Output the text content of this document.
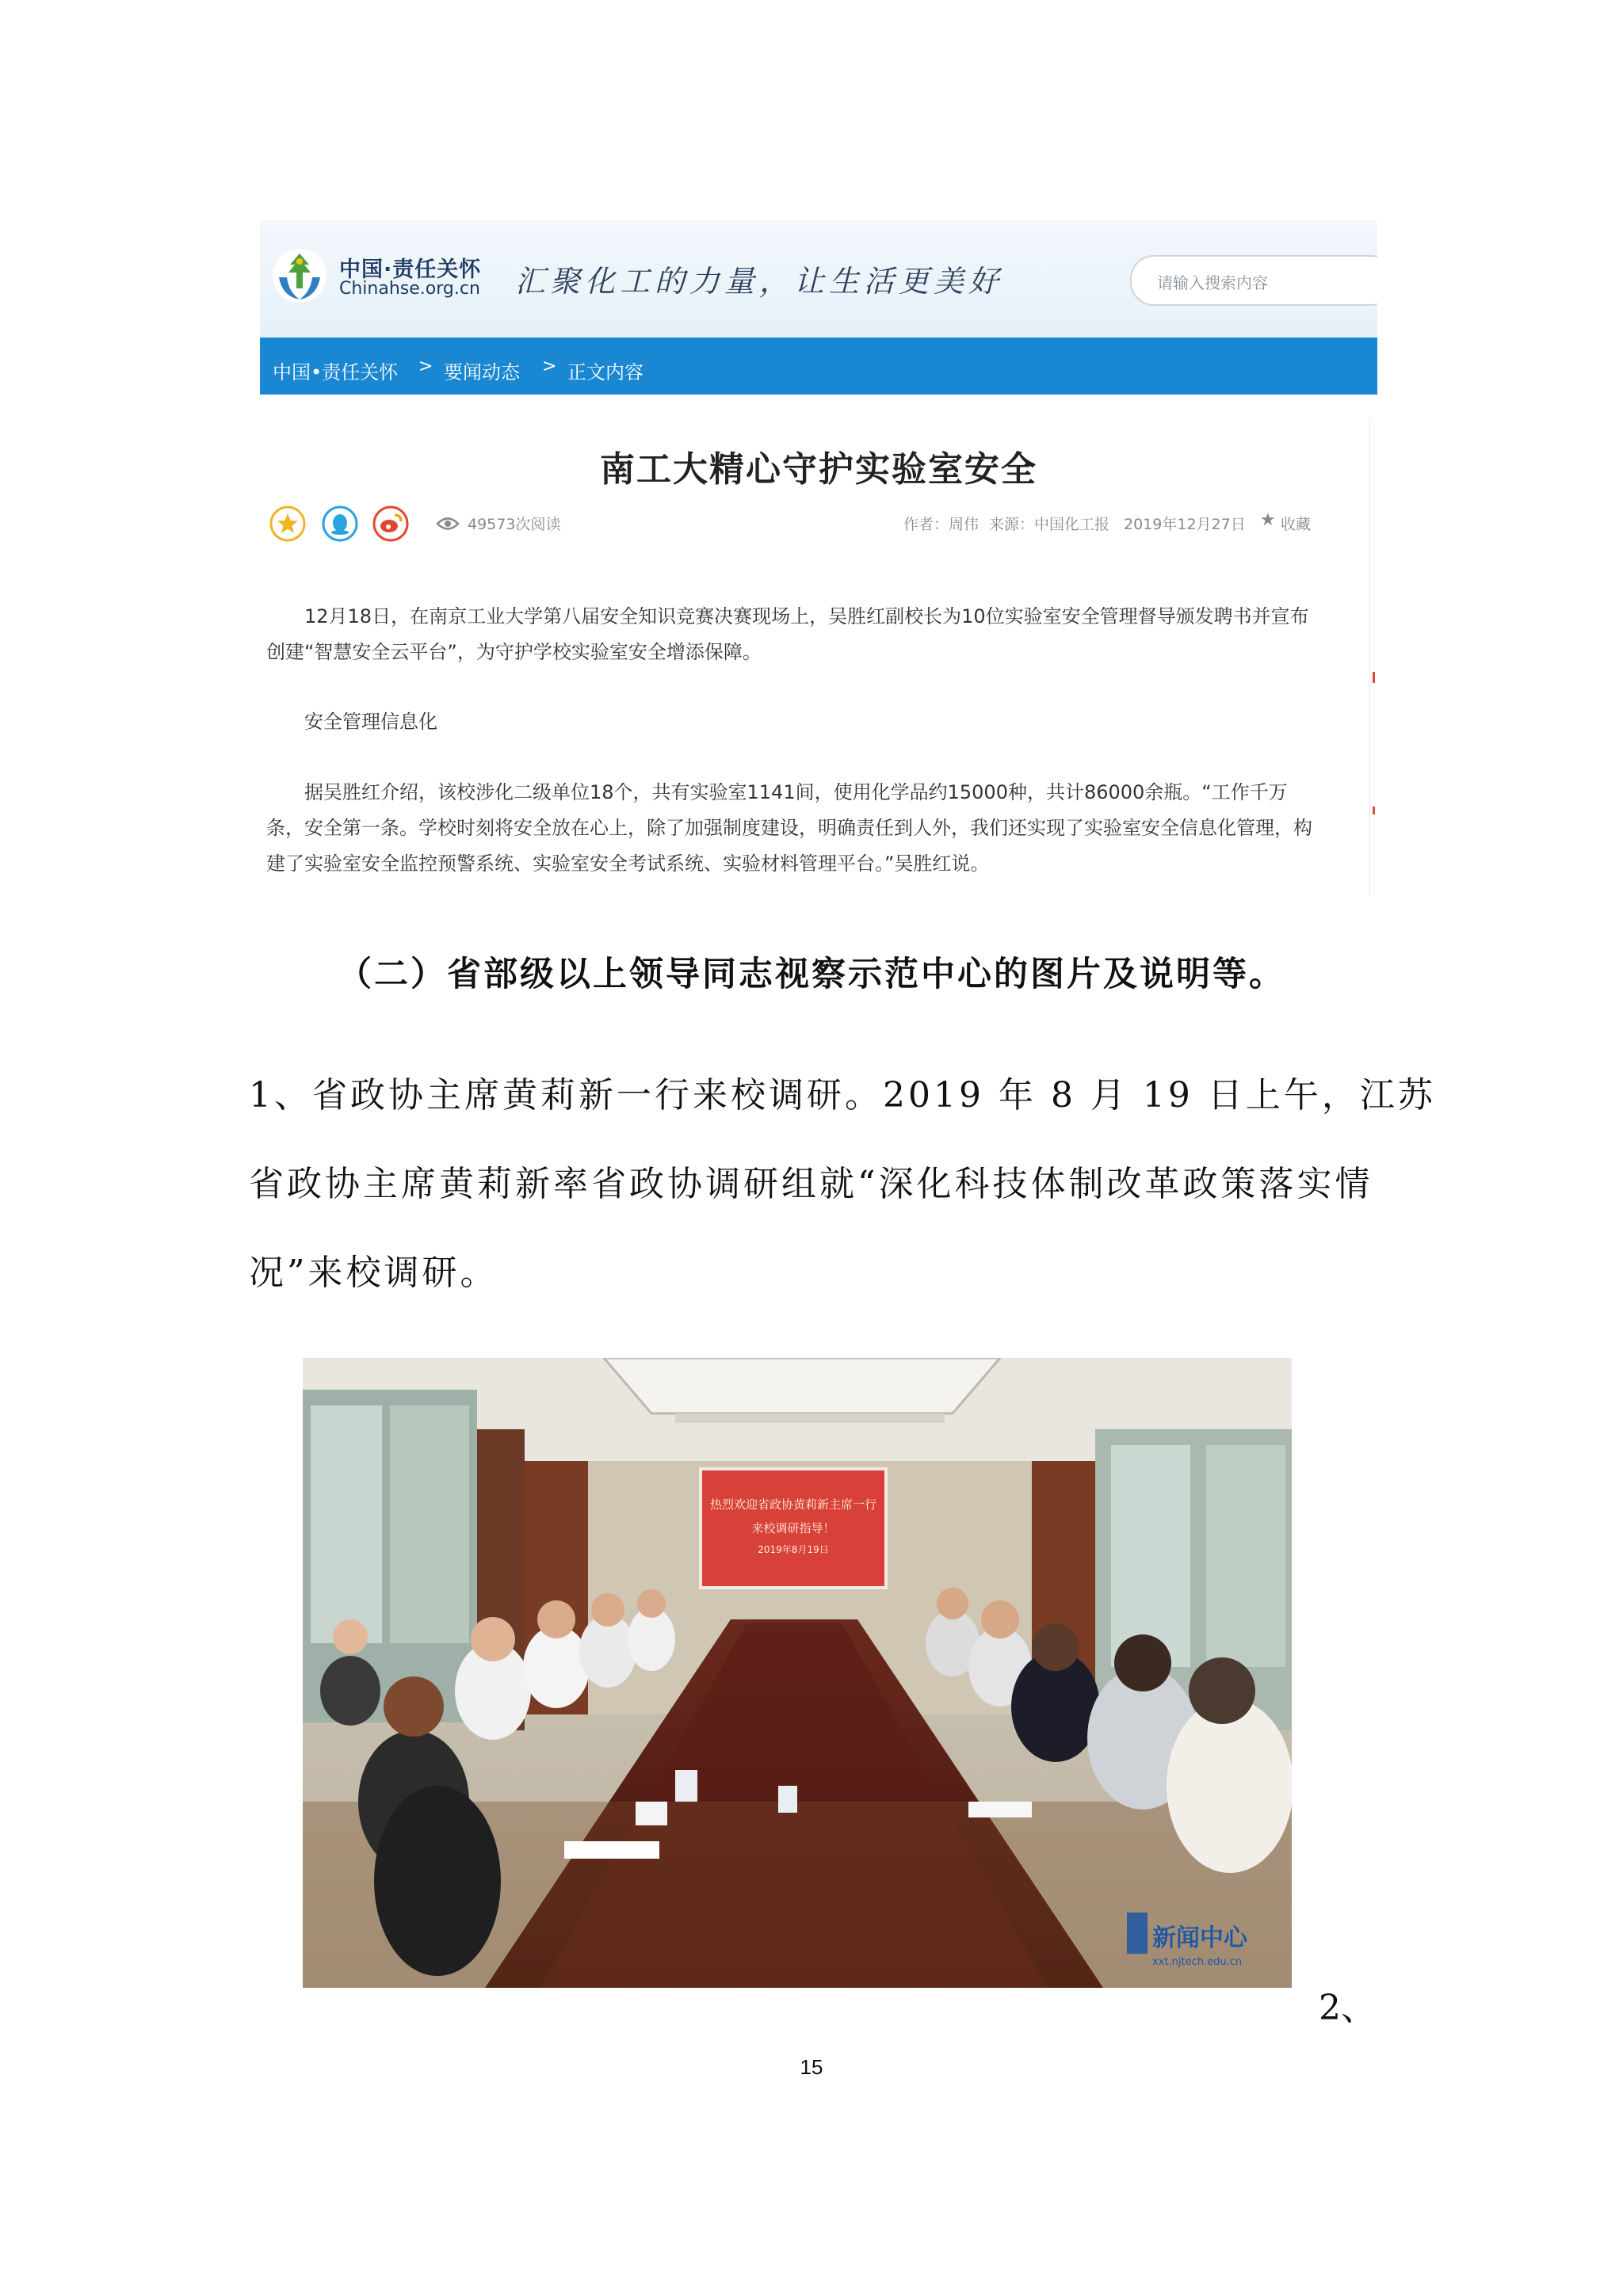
中国·责任关怀
Chinahse.org.cn 汇聚化工的力量，让生活更美好	请输入搜索内容
中国•责任关怀 > 要闻动态 > 正文内容
南工大精心守护实验室安全
49573次阅读	作者：周伟 来源：中国化工报 2019年12月27日 ★ 收藏
12月18日，在南京工业大学第八届安全知识竞赛决赛现场上，吴胜红副校长为10位实验室安全管理督导颁发聘书并宣布
创建“智慧安全云平台”，为守护学校实验室安全增添保障。
安全管理信息化
据吴胜红介绍，该校涉化二级单位18个，共有实验室1141间，使用化学品约15000种，共计86000余瓶。“工作千万
条，安全第一条。学校时刻将安全放在心上，除了加强制度建设，明确责任到人外，我们还实现了实验室安全信息化管理，构
建了实验室安全监控预警系统、实验室安全考试系统、实验材料管理平台。”吴胜红说。
（二）省部级以上领导同志视察示范中心的图片及说明等。
1、省政协主席黄莉新一行来校调研。2019 年 8 月 19 日上午，江苏
省政协主席黄莉新率省政协调研组就“深化科技体制改革政策落实情
况”来校调研。
热烈欢迎省政协黄莉新主席一行
来校调研指导！
2019年8月19日
新闻中心
xxt.njtech.edu.cn
2、
15
